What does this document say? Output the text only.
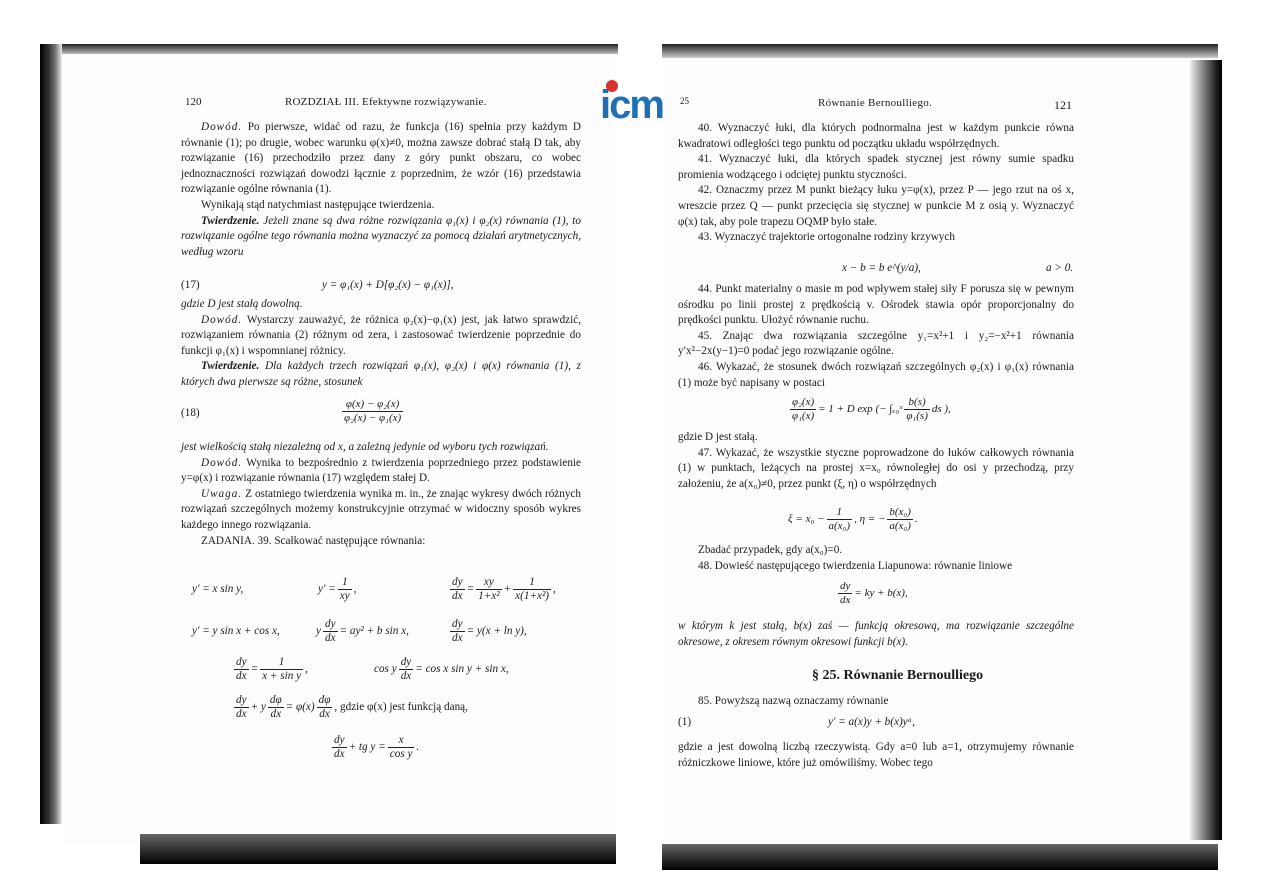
icm
120	ROZDZIAŁ III. Efektywne rozwiązywanie.

Dowód. Po pierwsze, widać od razu, że funkcja (16) spełnia przy każdym D równanie (1); po drugie, wobec warunku φ(x)≠0, można zawsze dobrać stałą D tak, aby rozwiązanie (16) przechodziło przez dany z góry punkt obszaru, co wobec jednoznaczności rozwiązań dowodzi łącznie z poprzednim, że wzór (16) przedstawia rozwiązanie ogólne równania (1).

Wynikają stąd natychmiast następujące twierdzenia.

Twierdzenie. Jeżeli znane są dwa różne rozwiązania φ₁(x) i φ₂(x) równania (1), to rozwiązanie ogólne tego równania można wyznaczyć za pomocą działań arytmetycznych, według wzoru

(17)	y = φ₁(x) + D[φ₂(x) − φ₁(x)],

gdzie D jest stałą dowolną.

Dowód. Wystarczy zauważyć, że różnica φ₂(x)−φ₁(x) jest, jak łatwo sprawdzić, rozwiązaniem równania (2) różnym od zera, i zastosować twierdzenie poprzednie do funkcji φ₁(x) i wspomnianej różnicy.

Twierdzenie. Dla każdych trzech rozwiązań φ₁(x), φ₂(x) i φ(x) równania (1), z których dwa pierwsze są różne, stosunek

(18)	$\frac{\text{φ(x) − φ₂(x)}}{\text{φ₂(x) − φ₁(x)}}$

jest wielkością stałą niezależną od x, a zależną jedynie od wyboru tych rozwiązań.

Dowód. Wynika to bezpośrednio z twierdzenia poprzedniego przez podstawienie y=φ(x) i rozwiązanie równania (17) względem stałej D.

Uwaga. Z ostatniego twierdzenia wynika m. in., że znając wykresy dwóch różnych rozwiązań szczególnych możemy konstrukcyjnie otrzymać w widoczny sposób wykres każdego innego rozwiązania.

ZADANIA. 39. Scałkować następujące równania:

y′ = x sin y,	$y' = \frac{1}{xy}$ ,	$\frac{dy}{dx} = \frac{xy}{\text{1+x²}} + \frac{1}{\text{x(1+x²)}}$ ,
y′ = y sin x + cos x,	y $\frac{dy}{dx} = ay^2 + b$ sin x,	$\frac{dy}{dx} = y(x + \ln y)$,
$\frac{dy}{dx} = \frac{1}{\text{x + sin y}}$ ,	cos y $\frac{dy}{dx} = \cos x$ sin y + sin x,
$\frac{dy}{dx} + y \frac{d\varphi}{dx} = \varphi(x) \frac{d\varphi}{dx}$ , gdzie φ(x) jest funkcją daną,
$\frac{dy}{dx}$ + tg $y = \frac{x}{\text{cos y}}$ .
25	Równanie Bernoulliego.	121

40. Wyznaczyć łuki, dla których podnormalna jest w każdym punkcie równa kwadratowi odległości tego punktu od początku układu współrzędnych.

41. Wyznaczyć łuki, dla których spadek stycznej jest równy sumie spadku promienia wodzącego i odciętej punktu styczności.

42. Oznaczmy przez M punkt bieżący łuku y=φ(x), przez P — jego rzut na oś x, wreszcie przez Q — punkt przecięcia się stycznej w punkcie M z osią y. Wyznaczyć φ(x) tak, aby pole trapezu OQMP było stałe.

43. Wyznaczyć trajektorie ortogonalne rodziny krzywych

x − b = b e^(y/a),	a > 0.

44. Punkt materialny o masie m pod wpływem stałej siły F porusza się w pewnym ośrodku po linii prostej z prędkością v. Ośrodek stawia opór proporcjonalny do prędkości punktu. Ułożyć równanie ruchu.

45. Znając dwa rozwiązania szczególne y₁=x²+1 i y₂=−x²+1 równania y′x²−2x(y−1)=0 podać jego rozwiązanie ogólne.

46. Wykazać, że stosunek dwóch rozwiązań szczególnych φ₂(x) i φ₁(x) równania (1) może być napisany w postaci

$\frac{\text{φ₂(x)}}{\text{φ₁(x)}} = 1 + D$ exp (− ∫ₓ₀ˣ $\frac{b(s)}{\text{φ₁(s)}}$ ds ),

gdzie D jest stałą.

47. Wykazać, że wszystkie styczne poprowadzone do łuków całkowych równania (1) w punktach, leżących na prostej x=x₀ równoległej do osi y przechodzą, przy założeniu, że a(x₀)≠0, przez punkt (ξ, η) o współrzędnych

$\xi = x_0 - \frac{1}{\text{a(x₀)}}$ , η = − $\frac{\text{b(x₀)}}{\text{a(x₀)}}$ .

Zbadać przypadek, gdy a(x₀)=0.

48. Dowieść następującego twierdzenia Liapunowa: równanie liniowe

$\frac{dy}{dx}$ = ky + b(x),

w którym k jest stałą, b(x) zaś — funkcją okresową, ma rozwiązanie szczególne okresowe, z okresem równym okresowi funkcji b(x).

§ 25. Równanie Bernoulliego

85. Powyższą nazwą oznaczamy równanie

(1)	y′ = a(x)y + b(x)yᵃ,

gdzie a jest dowolną liczbą rzeczywistą. Gdy a=0 lub a=1, otrzymujemy równanie różniczkowe liniowe, które już omówiliśmy. Wobec tego
